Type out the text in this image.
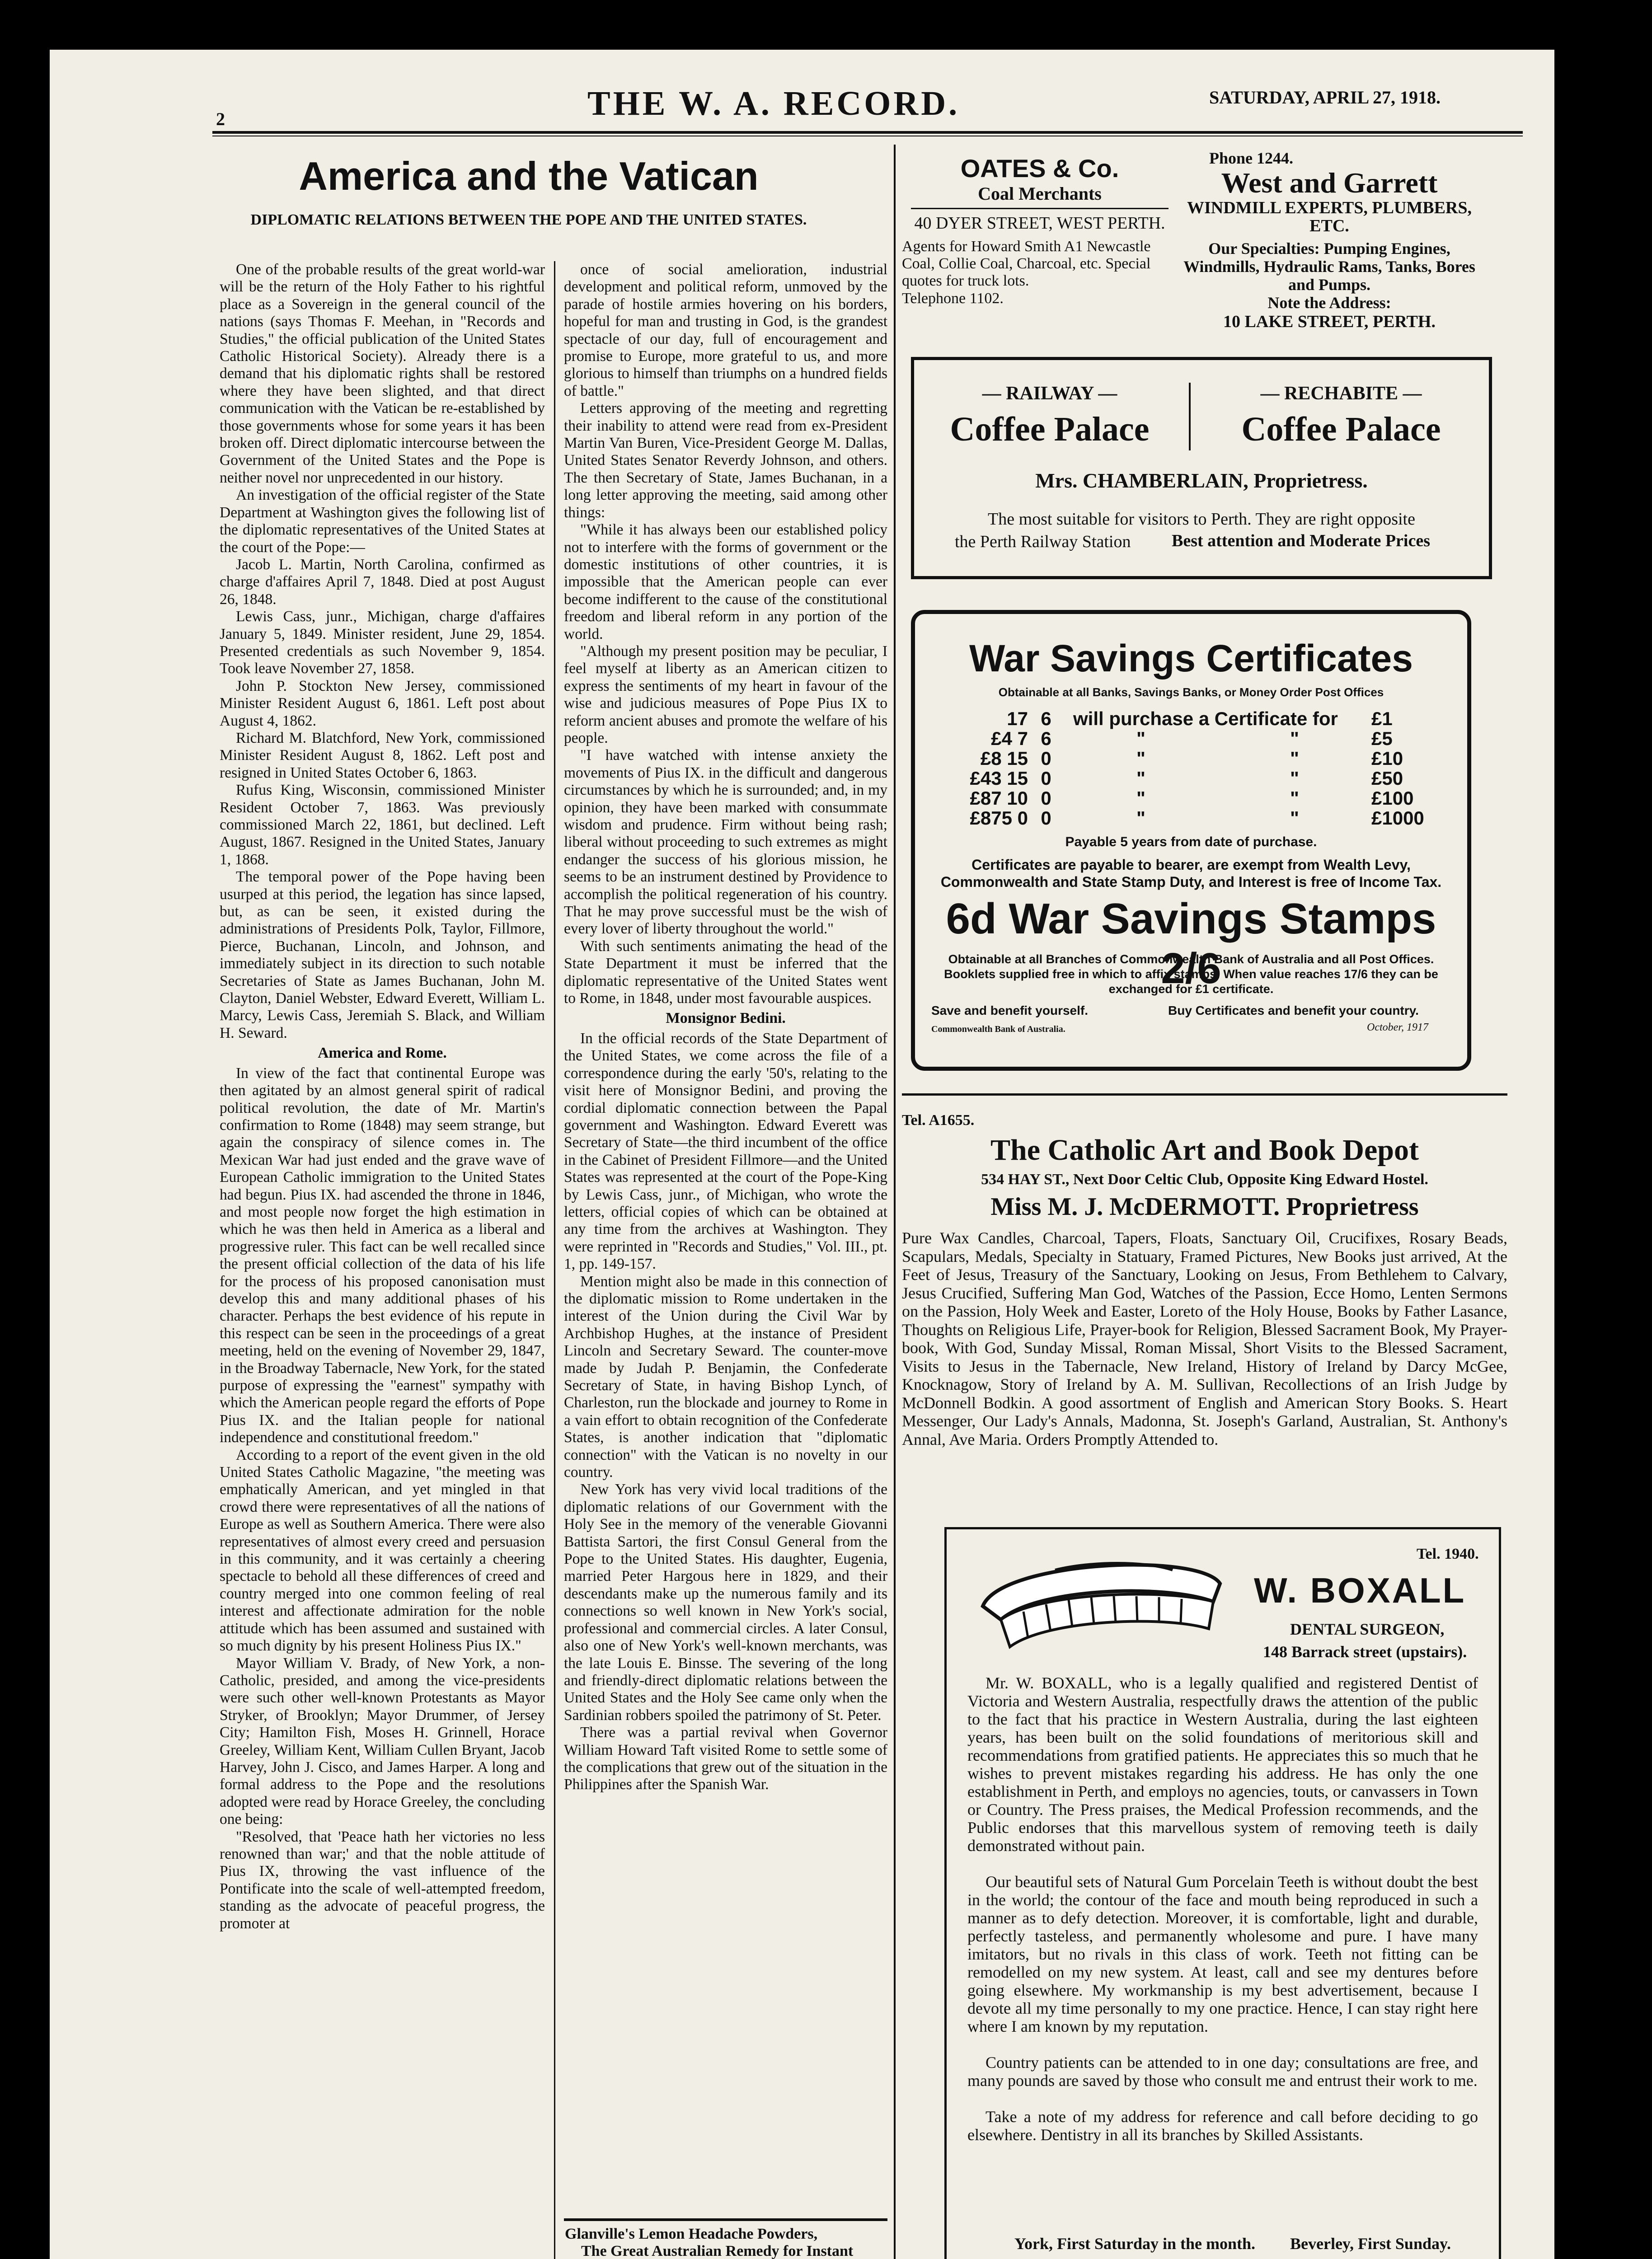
2	THE W. A. RECORD.	SATURDAY, APRIL 27, 1918.
America and the Vatican
DIPLOMATIC RELATIONS BETWEEN THE POPE AND THE UNITED STATES.

One of the probable results of the great world-war will be the return of the Holy Father to his rightful place as a Sovereign in the general council of the nations (says Thomas F. Meehan, in "Records and Studies," the official publication of the United States Catholic Historical Society). Already there is a demand that his diplomatic rights shall be restored where they have been slighted, and that direct communication with the Vatican be re-established by those governments whose for some years it has been broken off. Direct diplomatic intercourse between the Government of the United States and the Pope is neither novel nor unprecedented in our history.

An investigation of the official register of the State Department at Washington gives the following list of the diplomatic representatives of the United States at the court of the Pope:—

Jacob L. Martin, North Carolina, confirmed as charge d'affaires April 7, 1848. Died at post August 26, 1848.

Lewis Cass, junr., Michigan, charge d'affaires January 5, 1849. Minister resident, June 29, 1854. Presented credentials as such November 9, 1854. Took leave November 27, 1858.

John P. Stockton New Jersey, commissioned Minister Resident August 6, 1861. Left post about August 4, 1862.

Richard M. Blatchford, New York, commissioned Minister Resident August 8, 1862. Left post and resigned in United States October 6, 1863.

Rufus King, Wisconsin, commissioned Minister Resident October 7, 1863. Was previously commissioned March 22, 1861, but declined. Left August, 1867. Resigned in the United States, January 1, 1868.

The temporal power of the Pope having been usurped at this period, the legation has since lapsed, but, as can be seen, it existed during the administrations of Presidents Polk, Taylor, Fillmore, Pierce, Buchanan, Lincoln, and Johnson, and immediately subject in its direction to such notable Secretaries of State as James Buchanan, John M. Clayton, Daniel Webster, Edward Everett, William L. Marcy, Lewis Cass, Jeremiah S. Black, and William H. Seward.

America and Rome.

In view of the fact that continental Europe was then agitated by an almost general spirit of radical political revolution, the date of Mr. Martin's confirmation to Rome (1848) may seem strange, but again the conspiracy of silence comes in. The Mexican War had just ended and the grave wave of European Catholic immigration to the United States had begun. Pius IX. had ascended the throne in 1846, and most people now forget the high estimation in which he was then held in America as a liberal and progressive ruler. This fact can be well recalled since the present official collection of the data of his life for the process of his proposed canonisation must develop this and many additional phases of his character. Perhaps the best evidence of his repute in this respect can be seen in the proceedings of a great meeting, held on the evening of November 29, 1847, in the Broadway Tabernacle, New York, for the stated purpose of expressing the "earnest" sympathy with which the American people regard the efforts of Pope Pius IX. and the Italian people for national independence and constitutional freedom."

According to a report of the event given in the old United States Catholic Magazine, "the meeting was emphatically American, and yet mingled in that crowd there were representatives of all the nations of Europe as well as Southern America. There were also representatives of almost every creed and persuasion in this community, and it was certainly a cheering spectacle to behold all these differences of creed and country merged into one common feeling of real interest and affectionate admiration for the noble attitude which has been assumed and sustained with so much dignity by his present Holiness Pius IX."

Mayor William V. Brady, of New York, a non-Catholic, presided, and among the vice-presidents were such other well-known Protestants as Mayor Stryker, of Brooklyn; Mayor Drummer, of Jersey City; Hamilton Fish, Moses H. Grinnell, Horace Greeley, William Kent, William Cullen Bryant, Jacob Harvey, John J. Cisco, and James Harper. A long and formal address to the Pope and the resolutions adopted were read by Horace Greeley, the concluding one being:

"Resolved, that 'Peace hath her victories no less renowned than war;' and that the noble attitude of Pius IX, throwing the vast influence of the Pontificate into the scale of well-attempted freedom, standing as the advocate of peaceful progress, the promoter at

once of social amelioration, industrial development and political reform, unmoved by the parade of hostile armies hovering on his borders, hopeful for man and trusting in God, is the grandest spectacle of our day, full of encouragement and promise to Europe, more grateful to us, and more glorious to himself than triumphs on a hundred fields of battle."

Letters approving of the meeting and regretting their inability to attend were read from ex-President Martin Van Buren, Vice-President George M. Dallas, United States Senator Reverdy Johnson, and others. The then Secretary of State, James Buchanan, in a long letter approving the meeting, said among other things:

"While it has always been our established policy not to interfere with the forms of government or the domestic institutions of other countries, it is impossible that the American people can ever become indifferent to the cause of the constitutional freedom and liberal reform in any portion of the world.

"Although my present position may be peculiar, I feel myself at liberty as an American citizen to express the sentiments of my heart in favour of the wise and judicious measures of Pope Pius IX to reform ancient abuses and promote the welfare of his people.

"I have watched with intense anxiety the movements of Pius IX. in the difficult and dangerous circumstances by which he is surrounded; and, in my opinion, they have been marked with consummate wisdom and prudence. Firm without being rash; liberal without proceeding to such extremes as might endanger the success of his glorious mission, he seems to be an instrument destined by Providence to accomplish the political regeneration of his country. That he may prove successful must be the wish of every lover of liberty throughout the world."

With such sentiments animating the head of the State Department it must be inferred that the diplomatic representative of the United States went to Rome, in 1848, under most favourable auspices.

Monsignor Bedini.

In the official records of the State Department of the United States, we come across the file of a correspondence during the early '50's, relating to the visit here of Monsignor Bedini, and proving the cordial diplomatic connection between the Papal government and Washington. Edward Everett was Secretary of State—the third incumbent of the office in the Cabinet of President Fillmore—and the United States was represented at the court of the Pope-King by Lewis Cass, junr., of Michigan, who wrote the letters, official copies of which can be obtained at any time from the archives at Washington. They were reprinted in "Records and Studies," Vol. III., pt. 1, pp. 149-157.

Mention might also be made in this connection of the diplomatic mission to Rome undertaken in the interest of the Union during the Civil War by Archbishop Hughes, at the instance of President Lincoln and Secretary Seward. The counter-move made by Judah P. Benjamin, the Confederate Secretary of State, in having Bishop Lynch, of Charleston, run the blockade and journey to Rome in a vain effort to obtain recognition of the Confederate States, is another indication that "diplomatic connection" with the Vatican is no novelty in our country.

New York has very vivid local traditions of the diplomatic relations of our Government with the Holy See in the memory of the venerable Giovanni Battista Sartori, the first Consul General from the Pope to the United States. His daughter, Eugenia, married Peter Hargous here in 1829, and their descendants make up the numerous family and its connections so well known in New York's social, professional and commercial circles. A later Consul, also one of New York's well-known merchants, was the late Louis E. Binsse. The severing of the long and friendly-direct diplomatic relations between the United States and the Holy See came only when the Sardinian robbers spoiled the patrimony of St. Peter.

There was a partial revival when Governor William Howard Taft visited Rome to settle some of the complications that grew out of the situation in the Philippines after the Spanish War.

Glanville's Lemon Headache Powders,

The Great Australian Remedy for Instant

OATES & Co.

Coal Merchants

40 DYER STREET, WEST PERTH.

Agents for Howard Smith A1 Newcastle Coal, Collie Coal, Charcoal, etc. Special quotes for truck lots.

Telephone 1102.

Phone 1244.

West and Garrett

WINDMILL EXPERTS, PLUMBERS, ETC.

Our Specialties: Pumping Engines, Windmills, Hydraulic Rams, Tanks, Bores and Pumps.

Note the Address:

10 LAKE STREET, PERTH.

— RAILWAY —
Coffee Palace
— RECHABITE —
Coffee Palace
Mrs. CHAMBERLAIN, Proprietress.
The most suitable for visitors to Perth. They are right opposite
the Perth Railway Station Best attention and Moderate Prices
War Savings Certificates
Obtainable at all Banks, Savings Banks, or Money Order Post Offices
17 6	will purchase a Certificate for	£1
£4 7 6	"	"	£5
£8 15 0	"	"	£10
£43 15 0	"	"	£50
£87 10 0	"	"	£100
£875 0 0	"	"	£1000
Payable 5 years from date of purchase.
Certificates are payable to bearer, are exempt from Wealth Levy, Commonwealth and State Stamp Duty, and Interest is free of Income Tax.
6d War Savings Stamps 2/6
Obtainable at all Branches of Commonwealth Bank of Australia and all Post Offices. Booklets supplied free in which to affix stamps. When value reaches 17/6 they can be exchanged for £1 certificate.
Save and benefit yourself.	Buy Certificates and benefit your country.
Commonwealth Bank of Australia.	October, 1917

Tel. A1655.

The Catholic Art and Book Depot

534 HAY ST., Next Door Celtic Club, Opposite King Edward Hostel.

Miss M. J. McDERMOTT. Proprietress

Pure Wax Candles, Charcoal, Tapers, Floats, Sanctuary Oil, Crucifixes, Rosary Beads, Scapulars, Medals, Specialty in Statuary, Framed Pictures, New Books just arrived, At the Feet of Jesus, Treasury of the Sanctuary, Looking on Jesus, From Bethlehem to Calvary, Jesus Crucified, Suffering Man God, Watches of the Passion, Ecce Homo, Lenten Sermons on the Passion, Holy Week and Easter, Loreto of the Holy House, Books by Father Lasance, Thoughts on Religious Life, Prayer-book for Religion, Blessed Sacrament Book, My Prayer-book, With God, Sunday Missal, Roman Missal, Short Visits to the Blessed Sacrament, Visits to Jesus in the Tabernacle, New Ireland, History of Ireland by Darcy McGee, Knocknagow, Story of Ireland by A. M. Sullivan, Recollections of an Irish Judge by McDonnell Bodkin. A good assortment of English and American Story Books. S. Heart Messenger, Our Lady's Annals, Madonna, St. Joseph's Garland, Australian, St. Anthony's Annal, Ave Maria. Orders Promptly Attended to.

Tel. 1940.
W. BOXALL
DENTAL SURGEON,
148 Barrack street (upstairs).

Mr. W. BOXALL, who is a legally qualified and registered Dentist of Victoria and Western Australia, respectfully draws the attention of the public to the fact that his practice in Western Australia, during the last eighteen years, has been built on the solid foundations of meritorious skill and recommendations from gratified patients. He appreciates this so much that he wishes to prevent mistakes regarding his address. He has only the one establishment in Perth, and employs no agencies, touts, or canvassers in Town or Country. The Press praises, the Medical Profession recommends, and the Public endorses that this marvellous system of removing teeth is daily demonstrated without pain.

Our beautiful sets of Natural Gum Porcelain Teeth is without doubt the best in the world; the contour of the face and mouth being reproduced in such a manner as to defy detection. Moreover, it is comfortable, light and durable, perfectly tasteless, and permanently wholesome and pure. I have many imitators, but no rivals in this class of work. Teeth not fitting can be remodelled on my new system. At least, call and see my dentures before going elsewhere. My workmanship is my best advertisement, because I devote all my time personally to my one practice. Hence, I can stay right here where I am known by my reputation.

Country patients can be attended to in one day; consultations are free, and many pounds are saved by those who consult me and entrust their work to me.

Take a note of my address for reference and call before deciding to go elsewhere. Dentistry in all its branches by Skilled Assistants.

York, First Saturday in the month. Beverley, First Sunday.
